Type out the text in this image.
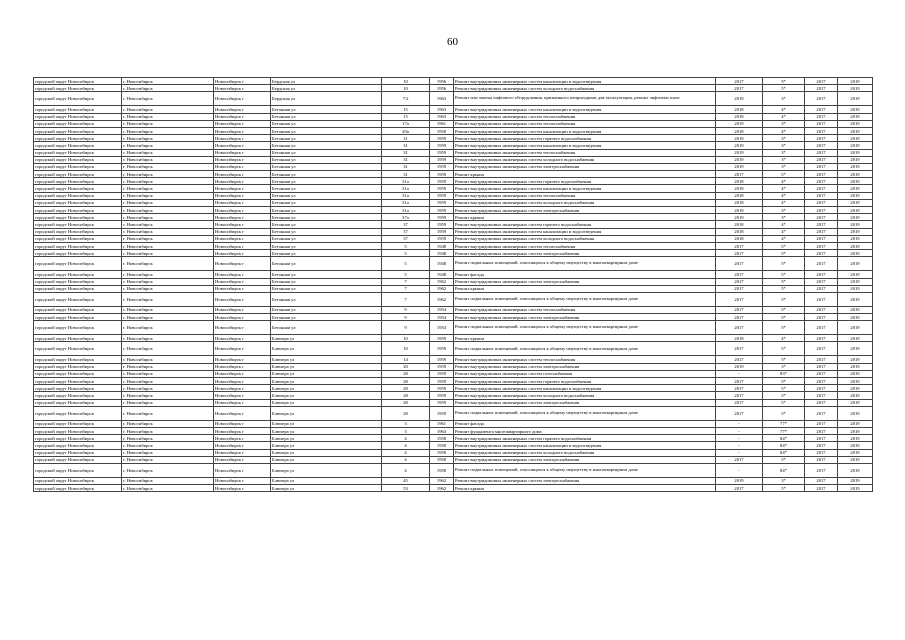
60
городской округ Новосибирск	г. Новосибирск	Новосибирск г	Бердская ул	10	1956	Ремонт внутридомовых инженерных систем канализации и водоотведения	2017	5*	2017	2019
городской округ Новосибирск	г. Новосибирск	Новосибирск г	Бердская ул	10	1956	Ремонт внутридомовых инженерных систем холодного водоснабжения	2017	5*	2017	2019
городской округ Новосибирск	г. Новосибирск	Новосибирск г	Бердская ул	7/2	1963	Ремонт или замена лифтового оборудования, признанного непригодным для эксплуатации, ремонт лифтовых шахт	2019	3*	2017	2019
городской округ Новосибирск	г. Новосибирск	Новосибирск г	Бетонная ул	15	1963	Ремонт внутридомовых инженерных систем канализации и водоотведения	2018	4*	2017	2019
городской округ Новосибирск	г. Новосибирск	Новосибирск г	Бетонная ул	15	1963	Ремонт внутридомовых инженерных систем теплоснабжения	2018	4*	2017	2019
городской округ Новосибирск	г. Новосибирск	Новосибирск г	Бетонная ул	17а	1961	Ремонт внутридомовых инженерных систем теплоснабжения	2019	3*	2017	2019
городской округ Новосибирск	г. Новосибирск	Новосибирск г	Бетонная ул	20а	1958	Ремонт внутридомовых инженерных систем канализации и водоотведения	2018	4*	2017	2019
городской округ Новосибирск	г. Новосибирск	Новосибирск г	Бетонная ул	31	1959	Ремонт внутридомовых инженерных систем горячего водоснабжения	2019	3*	2017	2019
городской округ Новосибирск	г. Новосибирск	Новосибирск г	Бетонная ул	31	1959	Ремонт внутридомовых инженерных систем канализации и водоотведения	2019	3*	2017	2019
городской округ Новосибирск	г. Новосибирск	Новосибирск г	Бетонная ул	31	1959	Ремонт внутридомовых инженерных систем теплоснабжения	2019	3*	2017	2019
городской округ Новосибирск	г. Новосибирск	Новосибирск г	Бетонная ул	31	1959	Ремонт внутридомовых инженерных систем холодного водоснабжения	2019	3*	2017	2019
городской округ Новосибирск	г. Новосибирск	Новосибирск г	Бетонная ул	31	1959	Ремонт внутридомовых инженерных систем электроснабжения	2019	3*	2017	2019
городской округ Новосибирск	г. Новосибирск	Новосибирск г	Бетонная ул	31	1959	Ремонт крыши	2017	5*	2017	2019
городской округ Новосибирск	г. Новосибирск	Новосибирск г	Бетонная ул	31а	1959	Ремонт внутридомовых инженерных систем горячего водоснабжения	2018	4*	2017	2019
городской округ Новосибирск	г. Новосибирск	Новосибирск г	Бетонная ул	31а	1959	Ремонт внутридомовых инженерных систем канализации и водоотведения	2018	4*	2017	2019
городской округ Новосибирск	г. Новосибирск	Новосибирск г	Бетонная ул	31а	1959	Ремонт внутридомовых инженерных систем теплоснабжения	2018	4*	2017	2019
городской округ Новосибирск	г. Новосибирск	Новосибирск г	Бетонная ул	31а	1959	Ремонт внутридомовых инженерных систем холодного водоснабжения	2018	4*	2017	2019
городской округ Новосибирск	г. Новосибирск	Новосибирск г	Бетонная ул	31а	1959	Ремонт внутридомовых инженерных систем электроснабжения	2019	3*	2017	2019
городской округ Новосибирск	г. Новосибирск	Новосибирск г	Бетонная ул	37а	1959	Ремонт крыши	2019	3*	2017	2019
городской округ Новосибирск	г. Новосибирск	Новосибирск г	Бетонная ул	37	1959	Ремонт внутридомовых инженерных систем горячего водоснабжения	2018	4*	2017	2019
городской округ Новосибирск	г. Новосибирск	Новосибирск г	Бетонная ул	37	1959	Ремонт внутридомовых инженерных систем канализации и водоотведения	2018	4*	2017	2019
городской округ Новосибирск	г. Новосибирск	Новосибирск г	Бетонная ул	37	1959	Ремонт внутридомовых инженерных систем холодного водоснабжения	2018	4*	2017	2019
городской округ Новосибирск	г. Новосибирск	Новосибирск г	Бетонная ул	5	1948	Ремонт внутридомовых инженерных систем теплоснабжения	2017	5*	2017	2019
городской округ Новосибирск	г. Новосибирск	Новосибирск г	Бетонная ул	5	1948	Ремонт внутридомовых инженерных систем электроснабжения	2017	5*	2017	2019
городской округ Новосибирск	г. Новосибирск	Новосибирск г	Бетонная ул	5	1948	Ремонт подвальных помещений, относящихся к общему имуществу в многоквартирном доме	2017	5*	2017	2019
городской округ Новосибирск	г. Новосибирск	Новосибирск г	Бетонная ул	5	1948	Ремонт фасада	2017	5*	2017	2019
городской округ Новосибирск	г. Новосибирск	Новосибирск г	Бетонная ул	7	1962	Ремонт внутридомовых инженерных систем электроснабжения	2017	5*	2017	2019
городской округ Новосибирск	г. Новосибирск	Новосибирск г	Бетонная ул	7	1962	Ремонт крыши	2017	5*	2017	2019
городской округ Новосибирск	г. Новосибирск	Новосибирск г	Бетонная ул	7	1962	Ремонт подвальных помещений, относящихся к общему имуществу в многоквартирном доме	2017	5*	2017	2019
городской округ Новосибирск	г. Новосибирск	Новосибирск г	Бетонная ул	9	1954	Ремонт внутридомовых инженерных систем теплоснабжения	2017	5*	2017	2019
городской округ Новосибирск	г. Новосибирск	Новосибирск г	Бетонная ул	9	1954	Ремонт внутридомовых инженерных систем электроснабжения	2017	5*	2017	2019
городской округ Новосибирск	г. Новосибирск	Новосибирск г	Бетонная ул	9	1954	Ремонт подвальных помещений, относящихся к общему имуществу в многоквартирном доме	2017	5*	2017	2019
городской округ Новосибирск	г. Новосибирск	Новосибирск г	Блюхера ул	10	1959	Ремонт крыши	2018	4*	2017	2019
городской округ Новосибирск	г. Новосибирск	Новосибирск г	Блюхера ул	10	1959	Ремонт подвальных помещений, относящихся к общему имуществу в многоквартирном доме	2017	5*	2017	2019
городской округ Новосибирск	г. Новосибирск	Новосибирск г	Блюхера ул	14	1959	Ремонт внутридомовых инженерных систем теплоснабжения	2017	5*	2017	2019
городской округ Новосибирск	г. Новосибирск	Новосибирск г	Блюхера ул	20	1959	Ремонт внутридомовых инженерных систем электроснабжения	2019	3*	2017	2019
городской округ Новосибирск	г. Новосибирск	Новосибирск г	Блюхера ул	28	1959	Ремонт внутридомовых инженерных систем газоснабжения	-	83*	2017	2019
городской округ Новосибирск	г. Новосибирск	Новосибирск г	Блюхера ул	28	1959	Ремонт внутридомовых инженерных систем горячего водоснабжения	2017	5*	2017	2019
городской округ Новосибирск	г. Новосибирск	Новосибирск г	Блюхера ул	28	1959	Ремонт внутридомовых инженерных систем канализации и водоотведения	2017	5*	2017	2019
городской округ Новосибирск	г. Новосибирск	Новосибирск г	Блюхера ул	28	1959	Ремонт внутридомовых инженерных систем холодного водоснабжения	2017	5*	2017	2019
городской округ Новосибирск	г. Новосибирск	Новосибирск г	Блюхера ул	28	1959	Ремонт внутридомовых инженерных систем электроснабжения	2017	5*	2017	2019
городской округ Новосибирск	г. Новосибирск	Новосибирск г	Блюхера ул	28	1959	Ремонт подвальных помещений, относящихся к общему имуществу в многоквартирном доме	2017	5*	2017	2019
городской округ Новосибирск	г. Новосибирск	Новосибирск г	Блюхера ул	3	1961	Ремонт фасада	-	77*	2017	2019
городской округ Новосибирск	г. Новосибирск	Новосибирск г	Блюхера ул	3	1963	Ремонт фундамента многоквартирного дома	-	77*	2017	2019
городской округ Новосибирск	г. Новосибирск	Новосибирск г	Блюхера ул	4	1958	Ремонт внутридомовых инженерных систем горячего водоснабжения	-	84*	2017	2019
городской округ Новосибирск	г. Новосибирск	Новосибирск г	Блюхера ул	4	1958	Ремонт внутридомовых инженерных систем канализации и водоотведения	-	84*	2017	2019
городской округ Новосибирск	г. Новосибирск	Новосибирск г	Блюхера ул	4	1958	Ремонт внутридомовых инженерных систем холодного водоснабжения	-	84*	2017	2019
городской округ Новосибирск	г. Новосибирск	Новосибирск г	Блюхера ул	4	1958	Ремонт внутридомовых инженерных систем электроснабжения	2017	5*	2017	2019
городской округ Новосибирск	г. Новосибирск	Новосибирск г	Блюхера ул	4	1958	Ремонт подвальных помещений, относящихся к общему имуществу в многоквартирном доме	-	84*	2017	2019
городской округ Новосибирск	г. Новосибирск	Новосибирск г	Блюхера ул	45	1962	Ремонт внутридомовых инженерных систем электроснабжения	2019	3*	2017	2019
городской округ Новосибирск	г. Новосибирск	Новосибирск г	Блюхера ул	53	1962	Ремонт крыши	2017	5*	2017	2019
